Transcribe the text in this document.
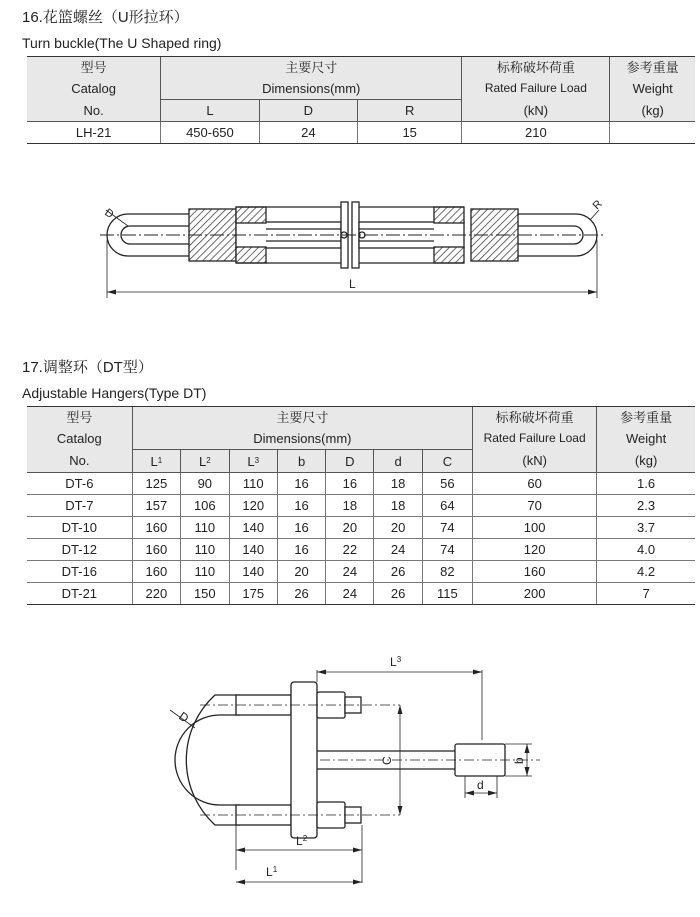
16.花篮螺丝（U形拉环）
Turn buckle(The U Shaped ring)
型号	主要尺寸			标称破坏荷重	参考重量
Catalog	Dimensions(mm)			Rated Failure Load	Weight
No.	L	D	R	(kN)	(kg)
LH-21	450-650	24	15	210	
D
R
L
17.调整环（DT型）
Adjustable Hangers(Type DT)
型号	主要尺寸							标称破坏荷重	参考重量
Catalog	Dimensions(mm)							Rated Failure Load	Weight
No.	$L^1$	$L^2$	$L^3$	b	D	d	C	(kN)	(kg)
DT-6	125	90	110	16	16	18	56	60	1.6
DT-7	157	106	120	16	18	18	64	70	2.3
DT-10	160	110	140	16	20	20	74	100	3.7
DT-12	160	110	140	16	22	24	74	120	4.0
DT-16	160	110	140	20	24	26	82	160	4.2
DT-21	220	150	175	26	24	26	115	200	7
$L^3$
$L^2$
$L^1$
C
d
b
D
